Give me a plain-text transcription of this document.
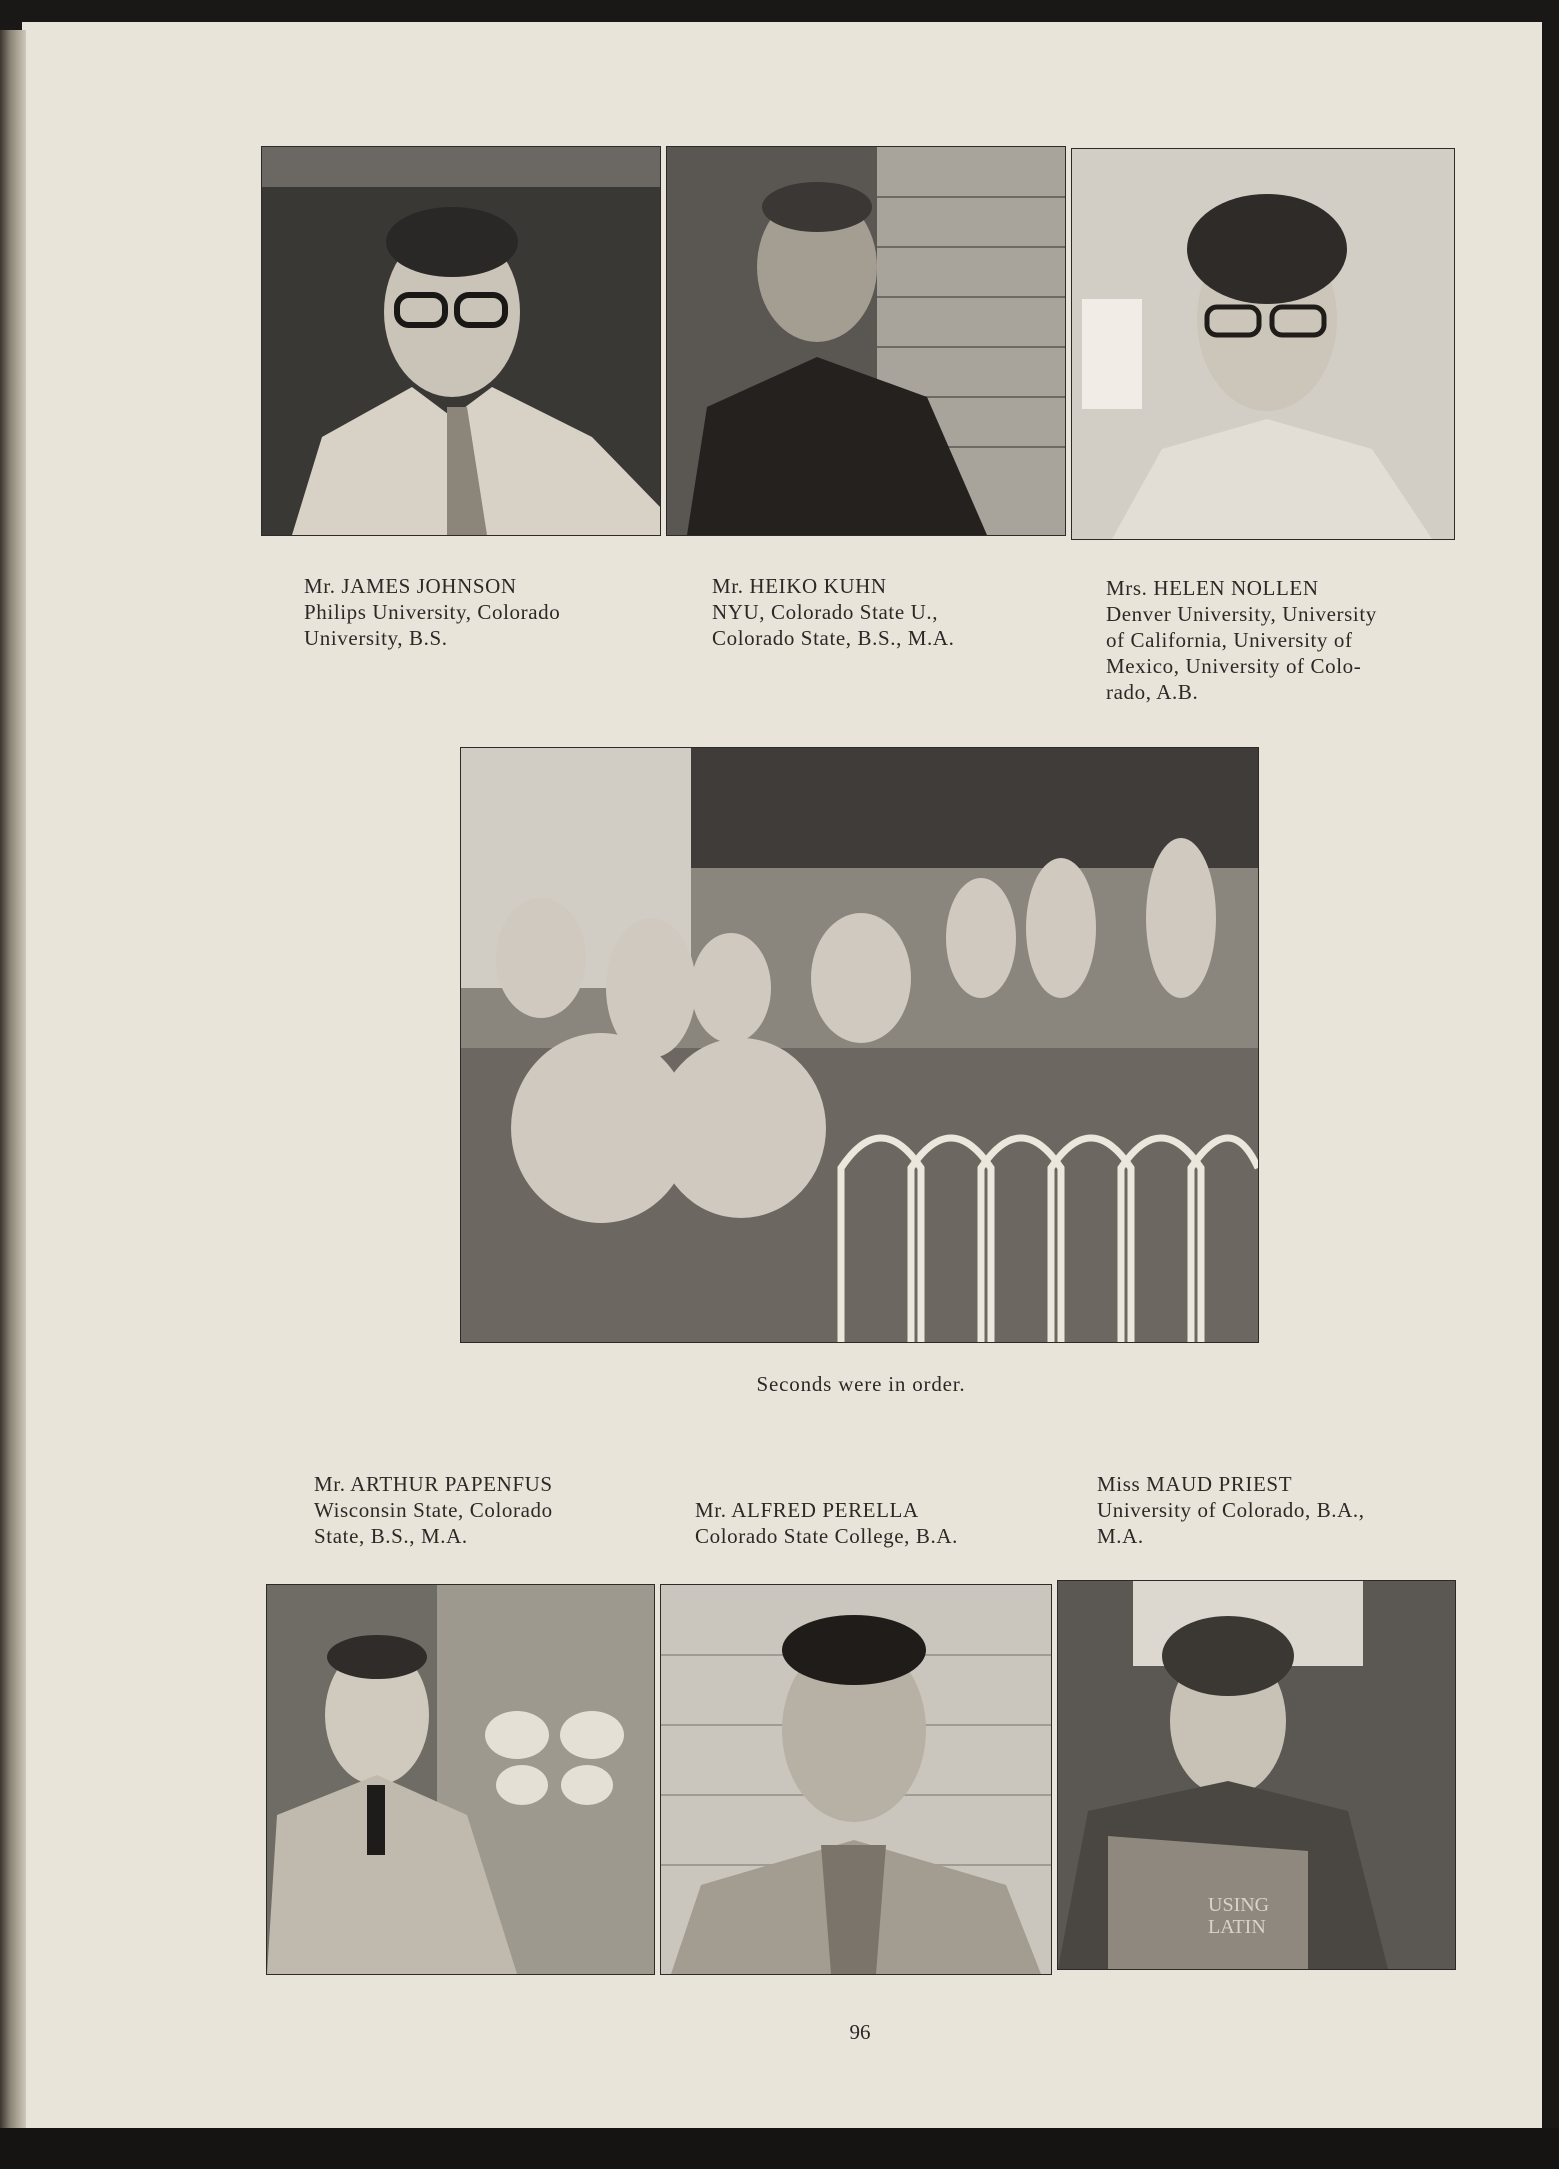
Mr. JAMES JOHNSON
Philips University, Colorado
University, B.S.
Mr. HEIKO KUHN
NYU, Colorado State U.,
Colorado State, B.S., M.A.
Mrs. HELEN NOLLEN
Denver University, University
of California, University of
Mexico, University of Colo-
rado, A.B.
Seconds were in order.
Mr. ARTHUR PAPENFUS
Wisconsin State, Colorado
State, B.S., M.A.
Mr. ALFRED PERELLA
Colorado State College, B.A.
Miss MAUD PRIEST
University of Colorado, B.A.,
M.A.
USING
LATIN
96
